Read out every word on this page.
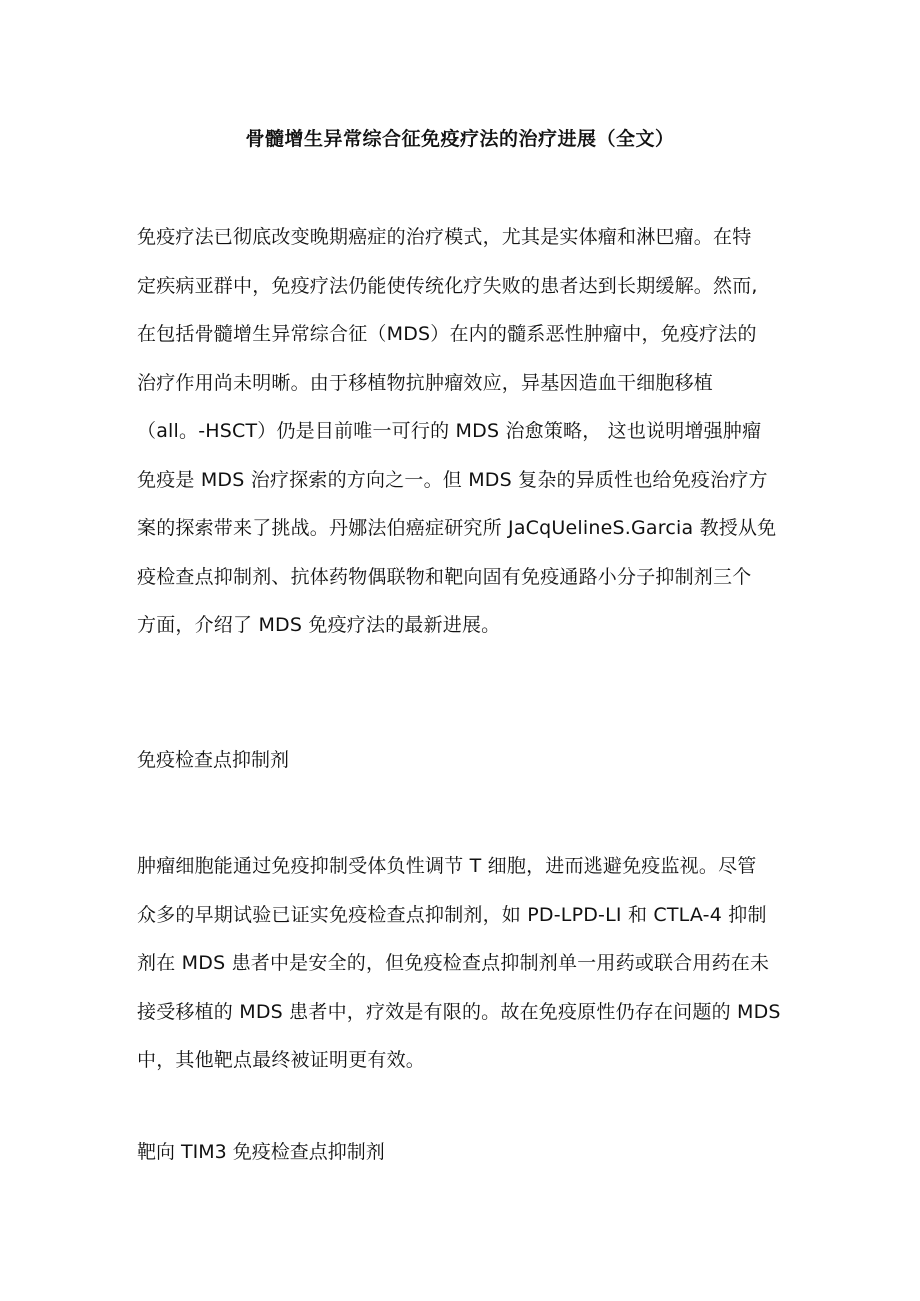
骨髓增生异常综合征免疫疗法的治疗进展（全文）

免疫疗法已彻底改变晚期癌症的治疗模式，尤其是实体瘤和淋巴瘤。在特
定疾病亚群中，免疫疗法仍能使传统化疗失败的患者达到长期缓解。然而,
在包括骨髓增生异常综合征（MDS）在内的髓系恶性肿瘤中，免疫疗法的
治疗作用尚未明晰。由于移植物抗肿瘤效应，异基因造血干细胞移植
（all。-HSCT）仍是目前唯一可行的 MDS 治愈策略， 这也说明增强肿瘤
免疫是 MDS 治疗探索的方向之一。但 MDS 复杂的异质性也给免疫治疗方
案的探索带来了挑战。丹娜法伯癌症研究所 JaCqUelineS.Garcia 教授从免
疫检查点抑制剂、抗体药物偶联物和靶向固有免疫通路小分子抑制剂三个
方面，介绍了 MDS 免疫疗法的最新进展。

免疫检查点抑制剂

肿瘤细胞能通过免疫抑制受体负性调节 T 细胞，进而逃避免疫监视。尽管
众多的早期试验已证实免疫检查点抑制剂，如 PD-LPD-LI 和 CTLA-4 抑制
剂在 MDS 患者中是安全的，但免疫检查点抑制剂单一用药或联合用药在未
接受移植的 MDS 患者中，疗效是有限的。故在免疫原性仍存在问题的 MDS
中，其他靶点最终被证明更有效。

靶向 TIM3 免疫检查点抑制剂
